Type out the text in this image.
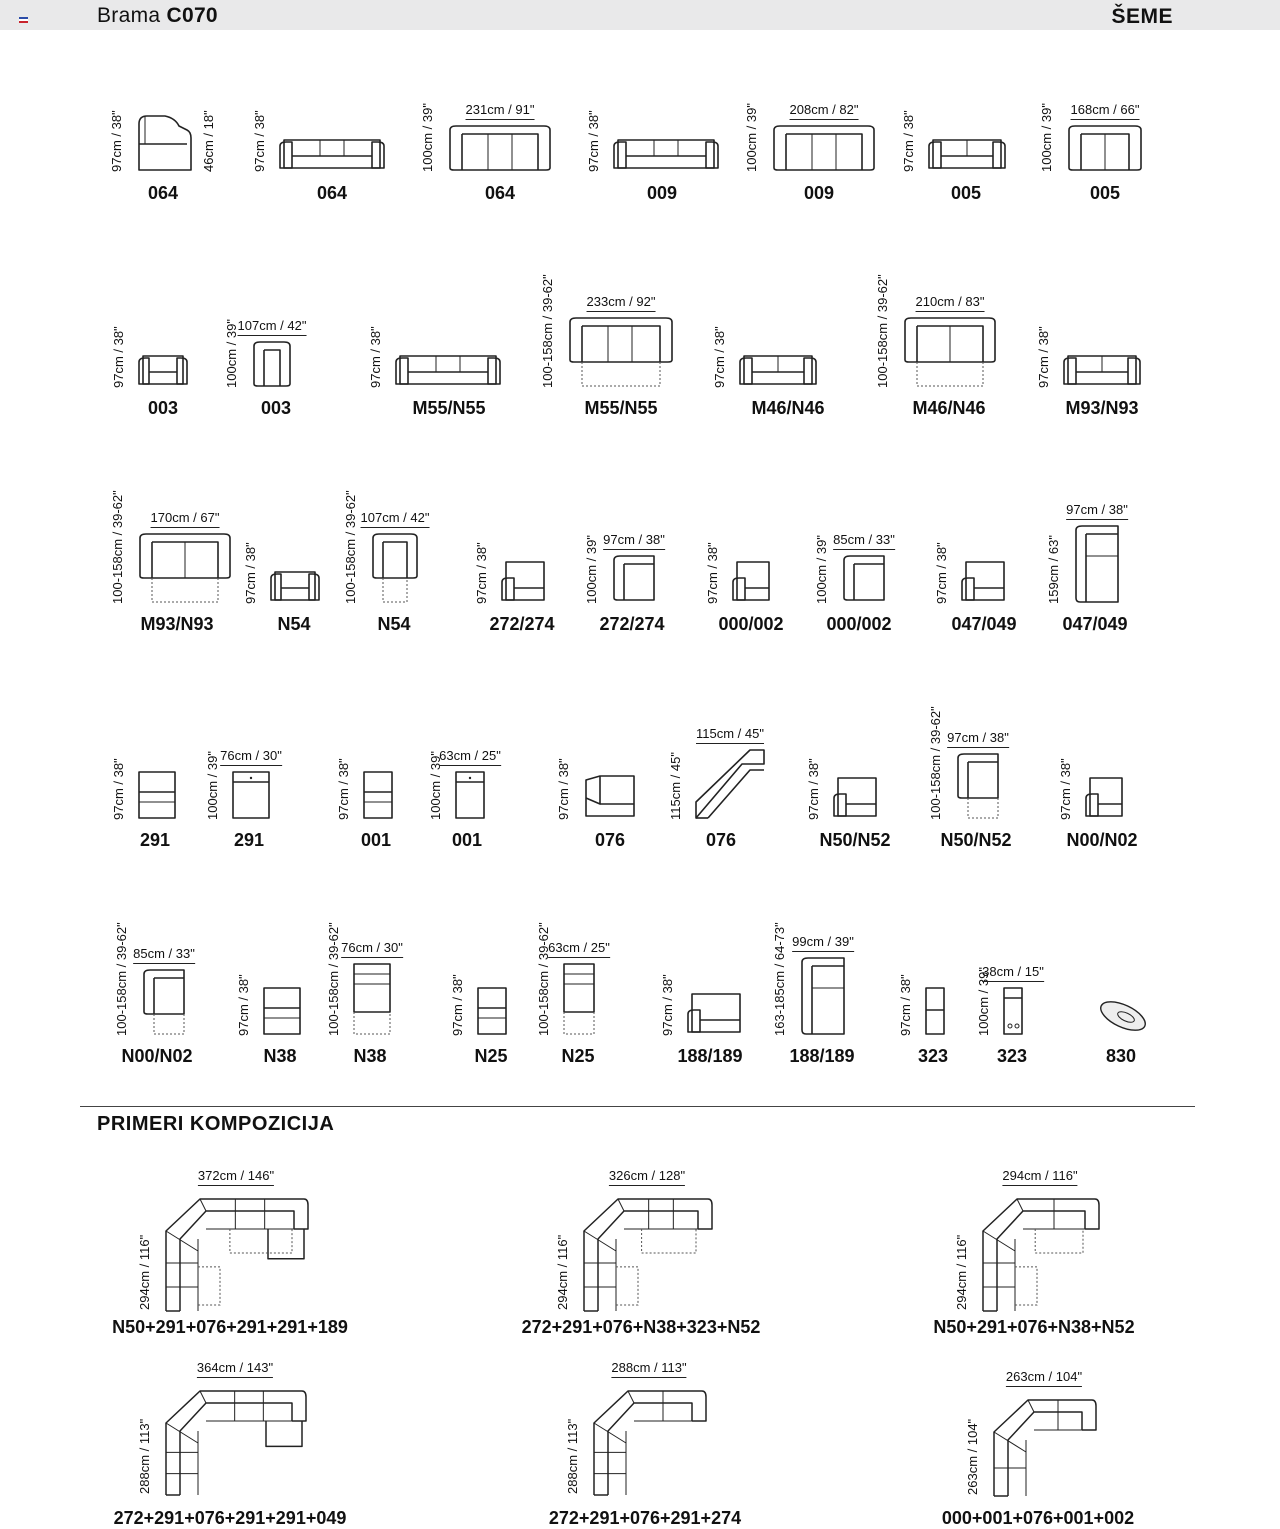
Brama C070	ŠEME
064
97cm / 38"	46cm / 18"
064
97cm / 38"
064
100cm / 39" 231cm / 91"
009
97cm / 38"
009
100cm / 39" 208cm / 82"
005
97cm / 38"
005
100cm / 39" 168cm / 66"
003
97cm / 38"
003
100cm / 39"
107cm / 42"
M55/N55
97cm / 38"
M55/N55
100-158cm / 39-62" 233cm / 92"
M46/N46
97cm / 38"
M46/N46
100-158cm / 39-62" 210cm / 83"
M93/N93
97cm / 38"
M93/N93
100-158cm / 39-62" 170cm / 67"
N54
97cm / 38"
N54
100-158cm / 39-62" 107cm / 42"
272/274
97cm / 38"
272/274
100cm / 39" 97cm / 38"
000/002
97cm / 38"
000/002
100cm / 39" 85cm / 33"
047/049
97cm / 38"
047/049
159cm / 63"
97cm / 38"
291
97cm / 38"
291
100cm / 39" 76cm / 30"
001
97cm / 38"
001
100cm / 39"
63cm / 25"
076
97cm / 38"
076
115cm / 45"
115cm / 45"
N50/N52
97cm / 38"
N50/N52
100-158cm / 39-62" 97cm / 38"
N00/N02
97cm / 38"
N00/N02
100-158cm / 39-62" 85cm / 33"
N38
97cm / 38"
N38
100-158cm / 39-62" 76cm / 30"
N25
97cm / 38"
N25
100-158cm / 39-62"
63cm / 25"
188/189
97cm / 38"
188/189
163-185cm / 64-73" 99cm / 39"
323
97cm / 38"
323
100cm / 39"
38cm / 15"
830
PRIMERI KOMPOZICIJA
372cm / 146"
294cm / 116"
N50+291+076+291+291+189
326cm / 128"
294cm / 116"
272+291+076+N38+323+N52
294cm / 116"
294cm / 116"
N50+291+076+N38+N52
364cm / 143"
288cm / 113"
272+291+076+291+291+049
288cm / 113"
288cm / 113"
272+291+076+291+274
263cm / 104"
263cm / 104"
000+001+076+001+002
